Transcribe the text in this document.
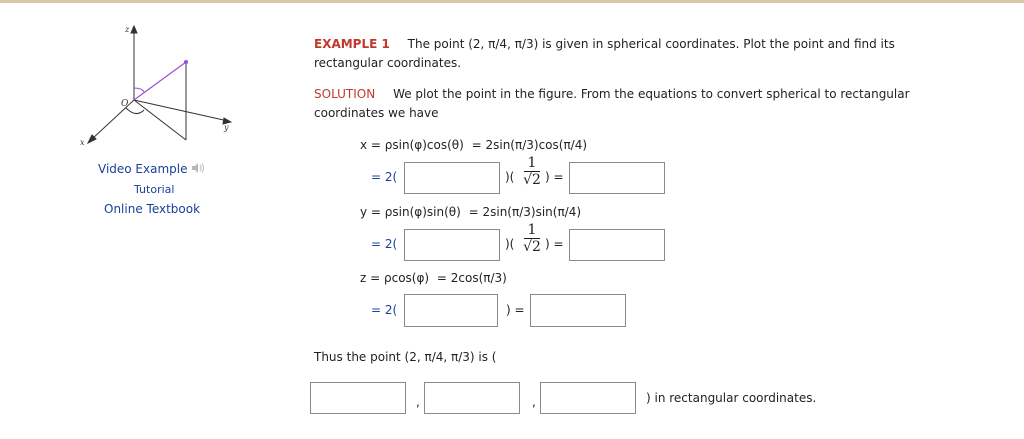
z
y
x
O
Video Example
Tutorial
Online Textbook
EXAMPLE 1 The point (2, π/4, π/3) is given in spherical coordinates. Plot the point and find its
rectangular coordinates.
SOLUTION We plot the point in the figure. From the equations to convert spherical to rectangular
coordinates we have
x = ρsin(φ)cos(θ) = 2sin(π/3)cos(π/4)
= 2(	)(
1
√2 ) =
y = ρsin(φ)sin(θ) = 2sin(π/3)sin(π/4)
= 2(	)(
1
√2 ) =
z = ρcos(φ) = 2cos(π/3)
= 2(	) =
Thus the point (2, π/4, π/3) is (
,	,	) in rectangular coordinates.
